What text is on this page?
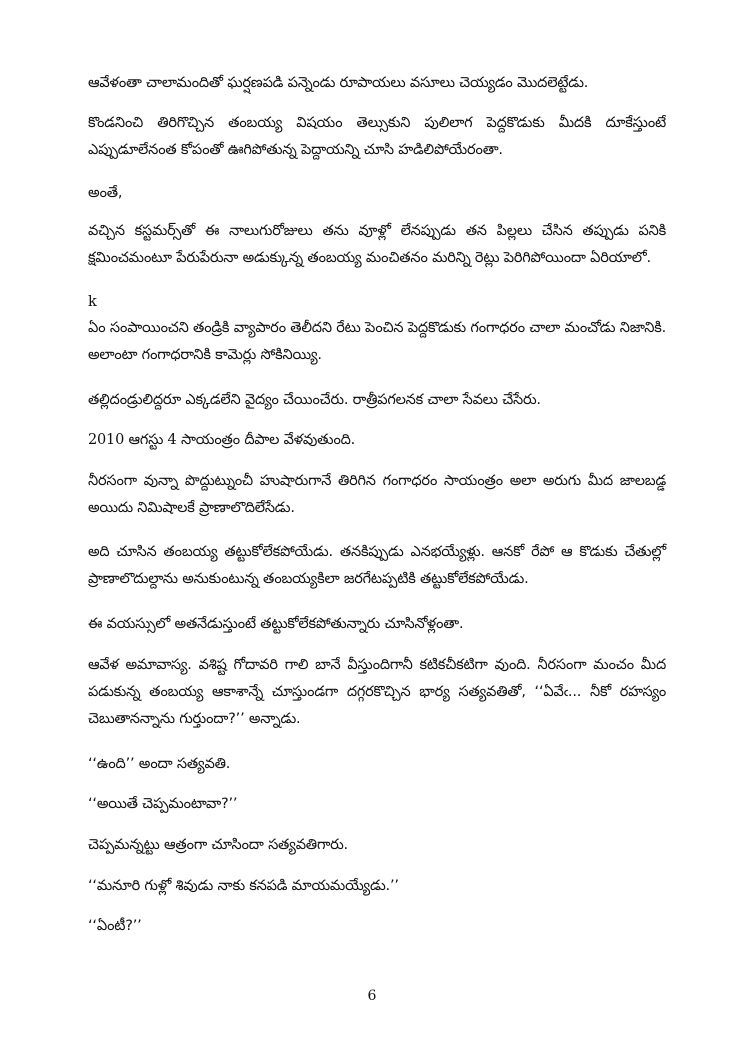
ఆవేళంతా చాలామందితో ఘర్షణపడి పన్నెండు రూపాయలు వసూలు చెయ్యడం మొదలెట్టేడు.

కొండనించి తిరిగొచ్చిన తంబయ్య విషయం తెల్సుకుని పులిలాగ పెద్దకొడుకు మీదకి దూకేస్తుంటే ఎప్పుడూలేనంత కోపంతో ఊగిపోతున్న పెద్దాయన్ని చూసి హడిలిపోయేరంతా.

అంతే,

వచ్చిన కస్టమర్స్‌తో ఈ నాలుగురోజులు తను వూళ్లో లేనప్పుడు తన పిల్లలు చేసిన తప్పుడు పనికి క్షమించమంటూ పేరుపేరునా అడుక్కున్న తంబయ్య మంచితనం మరిన్ని రెట్లు పెరిగిపోయిందా ఏరియాలో.

k

ఏం సంపాయించని తండ్రికి వ్యాపారం తెలీదని రేటు పెంచిన పెద్దకొడుకు గంగాధరం చాలా మంచోడు నిజానికి. అలాంటా గంగాధరానికి కామెర్లు సోకినియ్యి.

తల్లిదండ్రులిద్దరూ ఎక్కడలేని వైద్యం చేయించేరు. రాత్రీపగలనక చాలా సేవలు చేసేరు.

2010 ఆగస్టు 4 సాయంత్రం దీపాల వేళవుతుంది.

నీరసంగా వున్నా పొద్దుట్నుంచీ హుషారుగానే తిరిగిన గంగాధరం సాయంత్రం అలా అరుగు మీద జాలబడ్డ అయిదు నిమిషాలకే ప్రాణాలొదిలేసేడు.

అది చూసిన తంబయ్య తట్టుకోలేకపోయేడు. తనకిప్పుడు ఎనభయ్యేళ్లు. ఆనకో రేపో ఆ కొడుకు చేతుల్లో ప్రాణాలొదుల్దాను అనుకుంటున్న తంబయ్యకిలా జరగేటప్పటికి తట్టుకోలేకపోయేడు.

ఈ వయస్సులో అతనేడుస్తుంటే తట్టుకోలేకపోతున్నారు చూసినోళ్లంతా.

ఆవేళ అమావాస్య. వశిష్ట గోదావరి గాలి బానే వీస్తుందిగానీ కటికచీకటిగా వుంది. నీరసంగా మంచం మీద పడుకున్న తంబయ్య ఆకాశాన్నే చూస్తుండగా దగ్గరకొచ్చిన భార్య సత్యవతితో, ‘‘ఏవేఁ... నీకో రహస్యం చెబుతానన్నాను గుర్తుందా?’’ అన్నాడు.

‘‘ఉంది’’ అందా సత్యవతి.

‘‘అయితే చెప్పమంటావా?’’

చెప్పమన్నట్టు ఆత్రంగా చూసిందా సత్యవతిగారు.

‘‘మనూరి గుళ్లో శివుడు నాకు కనపడి మాయమయ్యేడు.’’

‘‘ఏంటీ?’’

6
